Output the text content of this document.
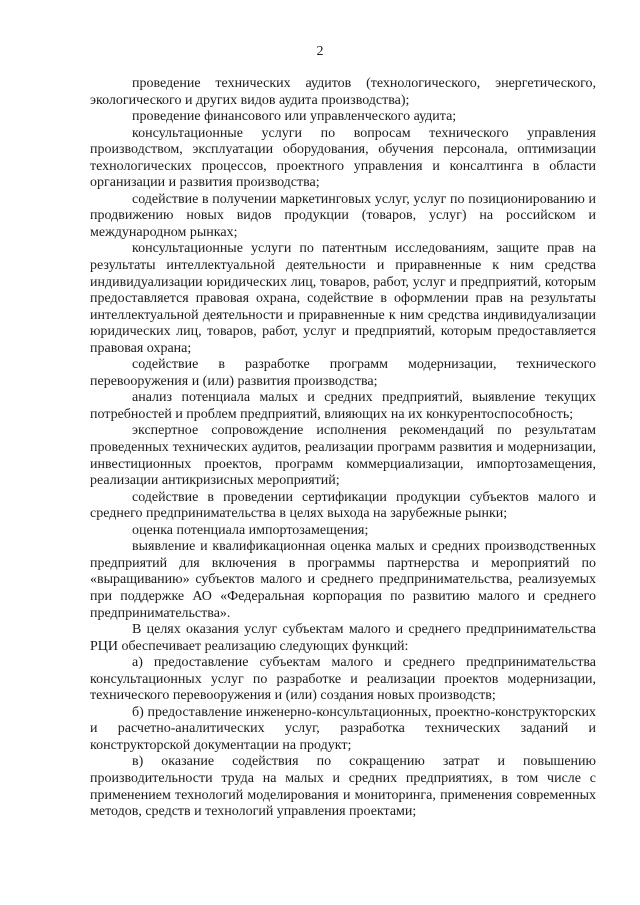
2

проведение технических аудитов (технологического, энергетического, экологического и других видов аудита производства);

проведение финансового или управленческого аудита;

консультационные услуги по вопросам технического управления производством, эксплуатации оборудования, обучения персонала, оптимизации технологических процессов, проектного управления и консалтинга в области организации и развития производства;

содействие в получении маркетинговых услуг, услуг по позиционированию и продвижению новых видов продукции (товаров, услуг) на российском и международном рынках;

консультационные услуги по патентным исследованиям, защите прав на результаты интеллектуальной деятельности и приравненные к ним средства индивидуализации юридических лиц, товаров, работ, услуг и предприятий, которым предоставляется правовая охрана, содействие в оформлении прав на результаты интеллектуальной деятельности и приравненные к ним средства индивидуализации юридических лиц, товаров, работ, услуг и предприятий, которым предоставляется правовая охрана;

содействие в разработке программ модернизации, технического перевооружения и (или) развития производства;

анализ потенциала малых и средних предприятий, выявление текущих потребностей и проблем предприятий, влияющих на их конкурентоспособность;

экспертное сопровождение исполнения рекомендаций по результатам проведенных технических аудитов, реализации программ развития и модернизации, инвестиционных проектов, программ коммерциализации, импортозамещения, реализации антикризисных мероприятий;

содействие в проведении сертификации продукции субъектов малого и среднего предпринимательства в целях выхода на зарубежные рынки;

оценка потенциала импортозамещения;

выявление и квалификационная оценка малых и средних производственных предприятий для включения в программы партнерства и мероприятий по «выращиванию» субъектов малого и среднего предпринимательства, реализуемых при поддержке АО «Федеральная корпорация по развитию малого и среднего предпринимательства».

В целях оказания услуг субъектам малого и среднего предпринимательства РЦИ обеспечивает реализацию следующих функций:

а) предоставление субъектам малого и среднего предпринимательства консультационных услуг по разработке и реализации проектов модернизации, технического перевооружения и (или) создания новых производств;

б) предоставление инженерно-консультационных, проектно-конструкторских и расчетно-аналитических услуг, разработка технических заданий и конструкторской документации на продукт;

в) оказание содействия по сокращению затрат и повышению производительности труда на малых и средних предприятиях, в том числе с применением технологий моделирования и мониторинга, применения современных методов, средств и технологий управления проектами;
